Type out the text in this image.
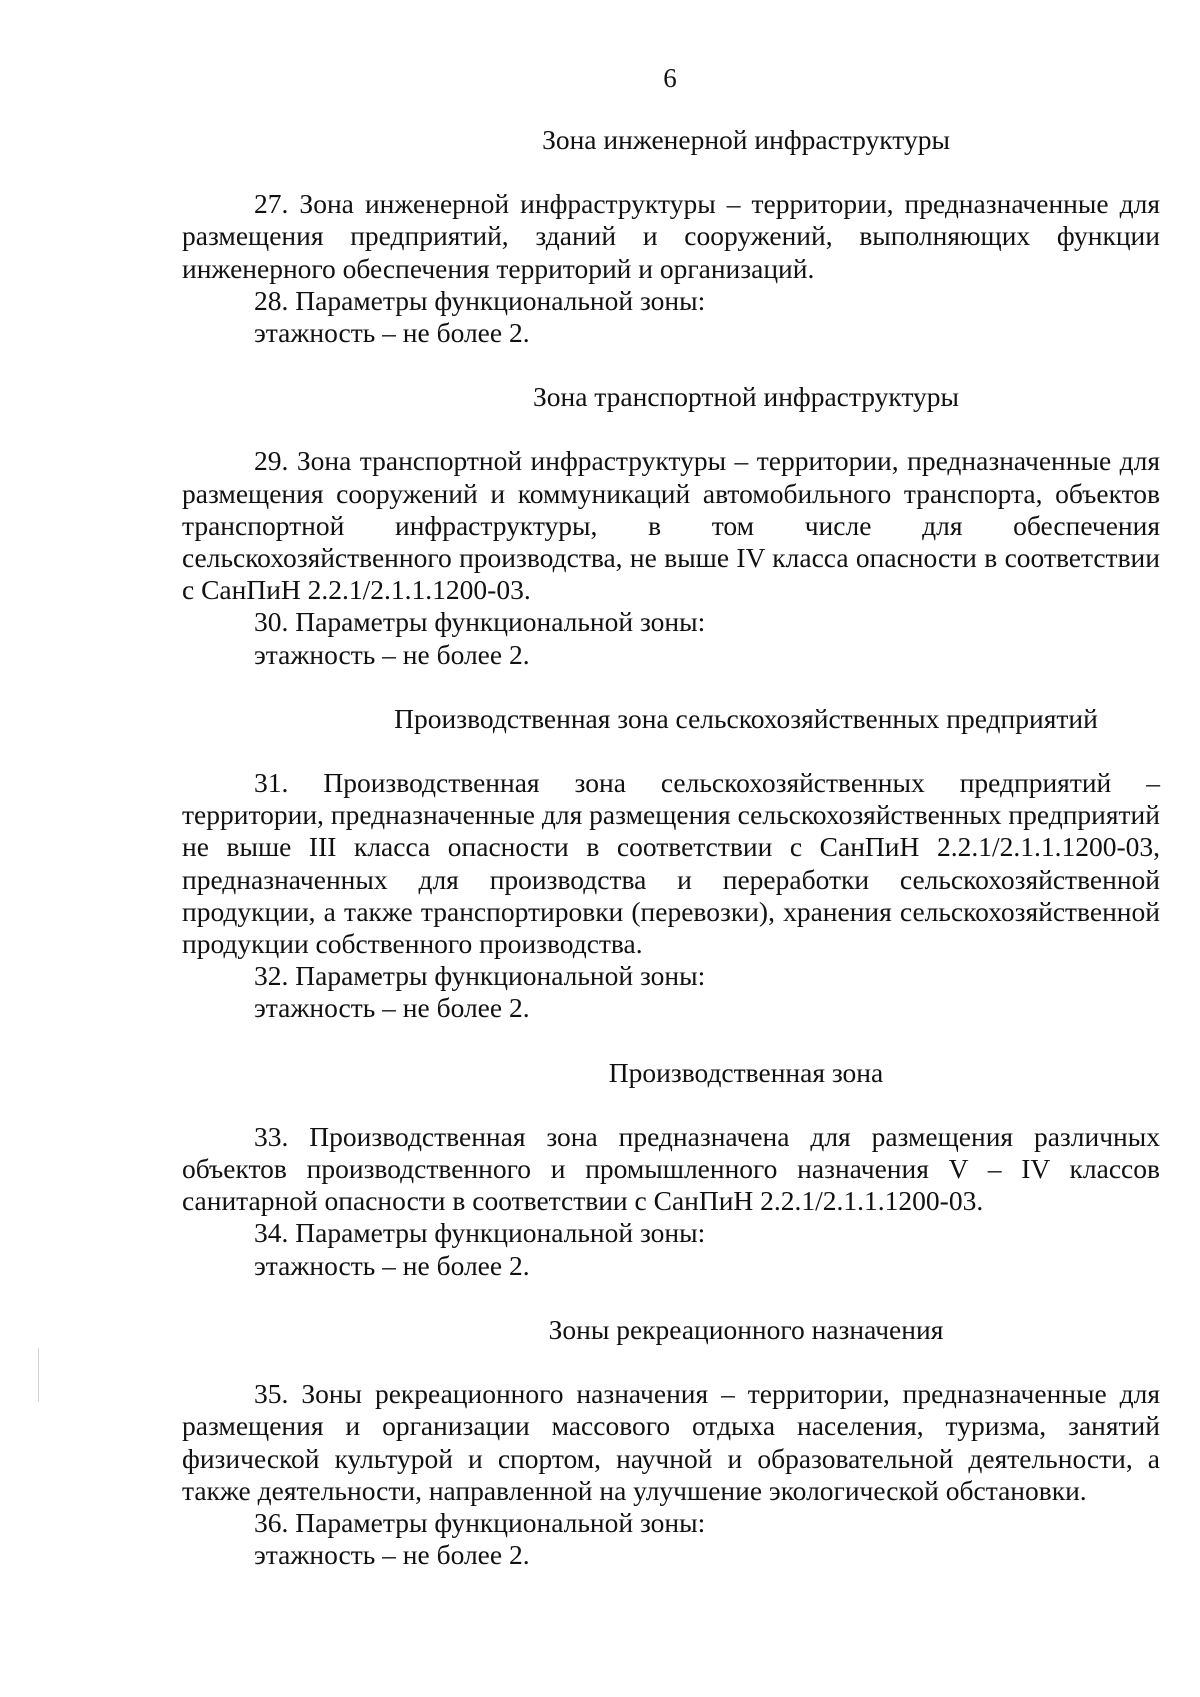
6
Зона инженерной инфраструктуры

27. Зона инженерной инфраструктуры – территории, предназначенные для размещения предприятий, зданий и сооружений, выполняющих функции инженерного обеспечения территорий и организаций.

28. Параметры функциональной зоны:

этажность – не более 2.

Зона транспортной инфраструктуры

29. Зона транспортной инфраструктуры – территории, предназначенные для размещения сооружений и коммуникаций автомобильного транспорта, объектов транспортной инфраструктуры, в том числе для обеспечения сельскохозяйственного производства, не выше IV класса опасности в соответствии с СанПиН 2.2.1/2.1.1.1200-03.

30. Параметры функциональной зоны:

этажность – не более 2.

Производственная зона сельскохозяйственных предприятий

31. Производственная зона сельскохозяйственных предприятий – территории, предназначенные для размещения сельскохозяйственных предприятий не выше III класса опасности в соответствии с СанПиН 2.2.1/2.1.1.1200-03, предназначенных для производства и переработки сельскохозяйственной продукции, а также транспортировки (перевозки), хранения сельскохозяйственной продукции собственного производства.

32. Параметры функциональной зоны:

этажность – не более 2.

Производственная зона

33. Производственная зона предназначена для размещения различных объектов производственного и промышленного назначения V – IV классов санитарной опасности в соответствии с СанПиН 2.2.1/2.1.1.1200-03.

34. Параметры функциональной зоны:

этажность – не более 2.

Зоны рекреационного назначения

35. Зоны рекреационного назначения – территории, предназначенные для размещения и организации массового отдыха населения, туризма, занятий физической культурой и спортом, научной и образовательной деятельности, а также деятельности, направленной на улучшение экологической обстановки.

36. Параметры функциональной зоны:

этажность – не более 2.
